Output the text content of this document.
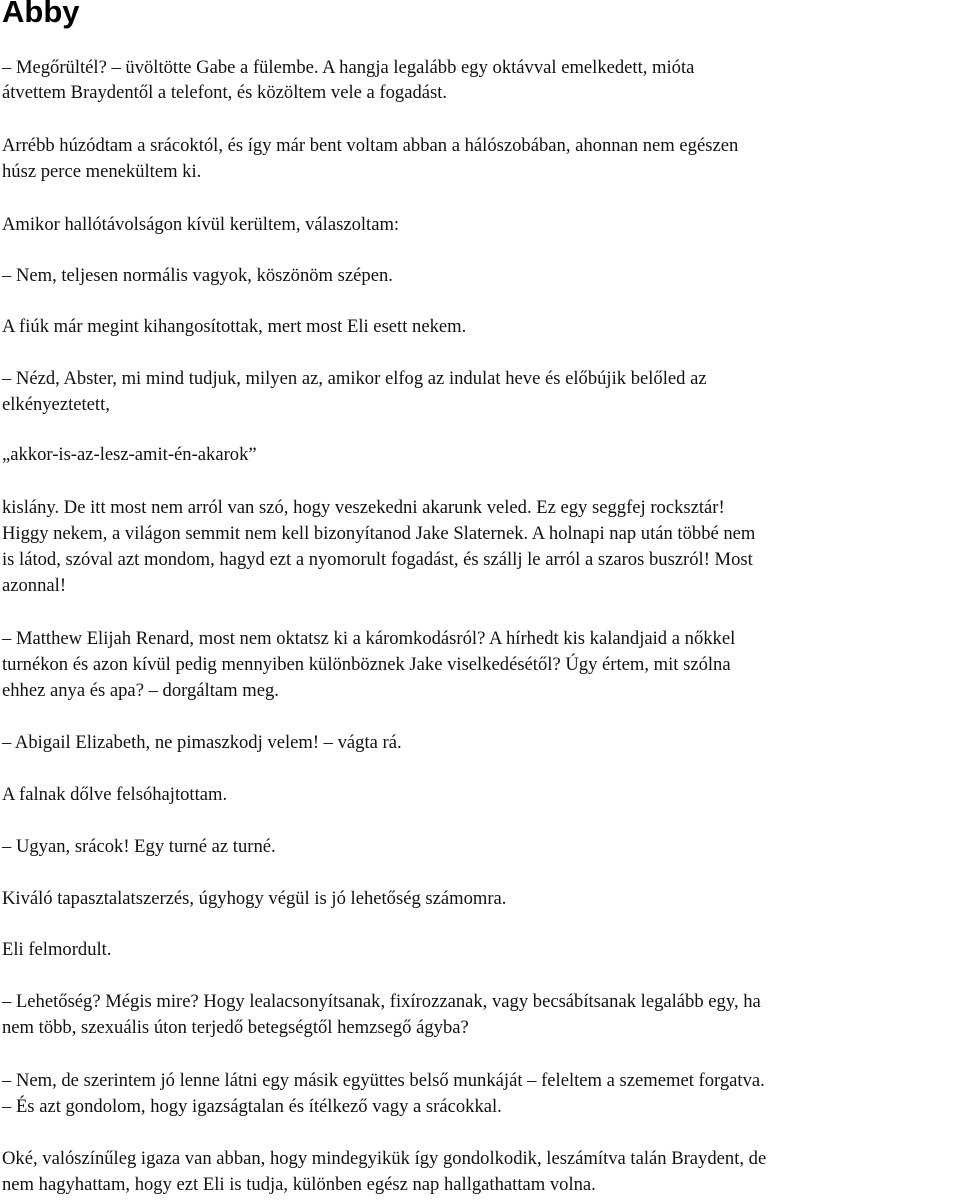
Abby
– Megőrültél? – üvöltötte Gabe a fülembe. A hangja legalább egy oktávval emelkedett, mióta
átvettem Braydentől a telefont, és közöltem vele a fogadást.
Arrébb húzódtam a srácoktól, és így már bent voltam abban a hálószobában, ahonnan nem egészen
húsz perce menekültem ki.
Amikor hallótávolságon kívül kerültem, válaszoltam:
– Nem, teljesen normális vagyok, köszönöm szépen.
A fiúk már megint kihangosítottak, mert most Eli esett nekem.
– Nézd, Abster, mi mind tudjuk, milyen az, amikor elfog az indulat heve és előbújik belőled az
elkényeztetett,
„akkor-is-az-lesz-amit-én-akarok”
kislány. De itt most nem arról van szó, hogy veszekedni akarunk veled. Ez egy seggfej rocksztár!
Higgy nekem, a világon semmit nem kell bizonyítanod Jake Slaternek. A holnapi nap után többé nem
is látod, szóval azt mondom, hagyd ezt a nyomorult fogadást, és szállj le arról a szaros buszról! Most
azonnal!
– Matthew Elijah Renard, most nem oktatsz ki a káromkodásról? A hírhedt kis kalandjaid a nőkkel
turnékon és azon kívül pedig mennyiben különböznek Jake viselkedésétől? Úgy értem, mit szólna
ehhez anya és apa? – dorgáltam meg.
– Abigail Elizabeth, ne pimaszkodj velem! – vágta rá.
A falnak dőlve felsóhajtottam.
– Ugyan, srácok! Egy turné az turné.
Kiváló tapasztalatszerzés, úgyhogy végül is jó lehetőség számomra.
Eli felmordult.
– Lehetőség? Mégis mire? Hogy lealacsonyítsanak, fixírozzanak, vagy becsábítsanak legalább egy, ha
nem több, szexuális úton terjedő betegségtől hemzsegő ágyba?
– Nem, de szerintem jó lenne látni egy másik együttes belső munkáját – feleltem a szememet forgatva.
– És azt gondolom, hogy igazságtalan és ítélkező vagy a srácokkal.
Oké, valószínűleg igaza van abban, hogy mindegyikük így gondolkodik, leszámítva talán Braydent, de
nem hagyhattam, hogy ezt Eli is tudja, különben egész nap hallgathattam volna.
